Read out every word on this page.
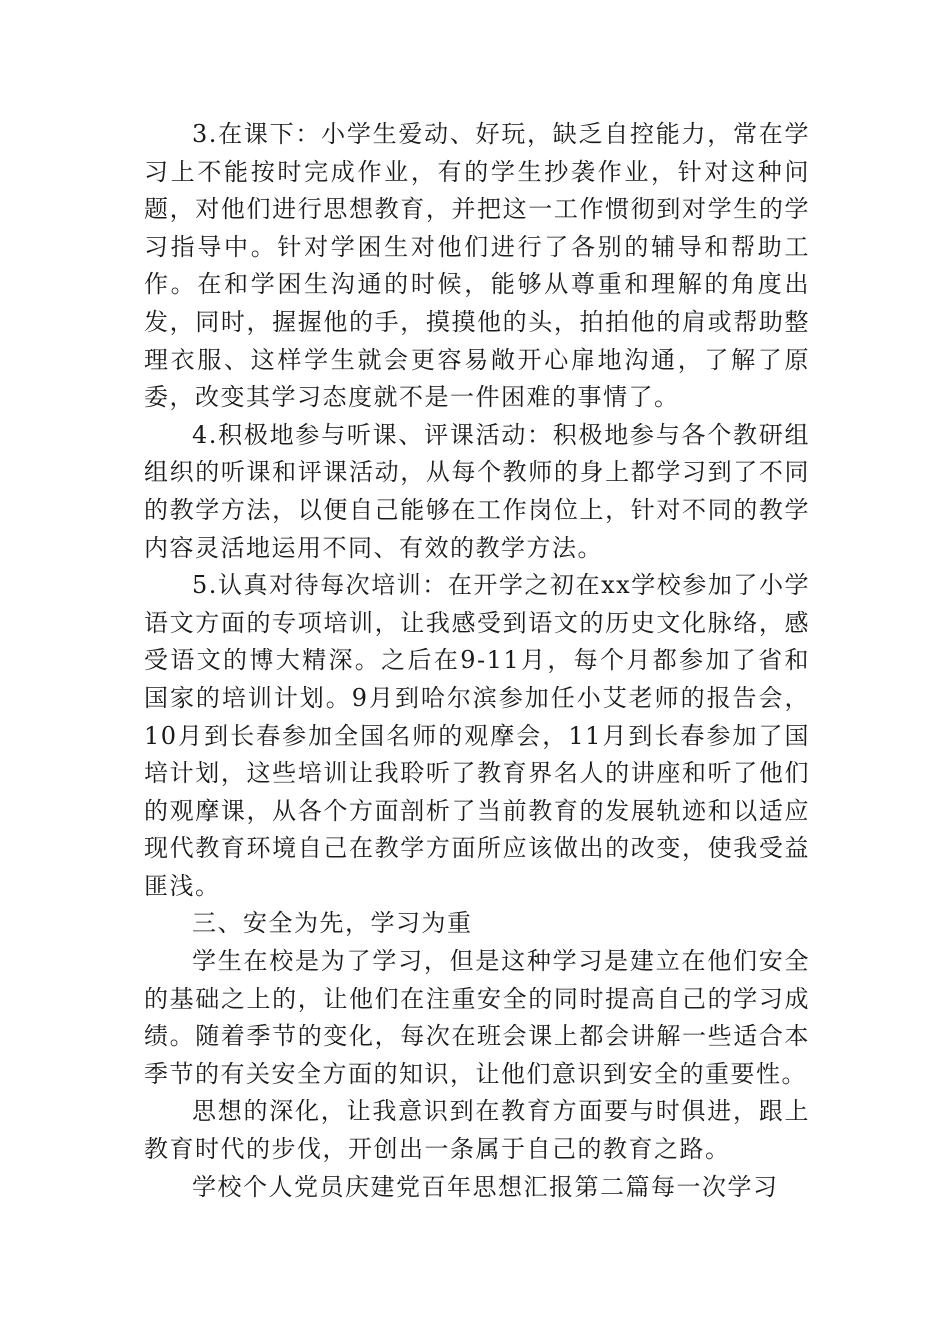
3.在课下：小学生爱动、好玩，缺乏自控能力，常在学习上不能按时完成作业，有的学生抄袭作业，针对这种问题，对他们进行思想教育，并把这一工作惯彻到对学生的学习指导中。针对学困生对他们进行了各别的辅导和帮助工作。在和学困生沟通的时候，能够从尊重和理解的角度出发，同时，握握他的手，摸摸他的头，拍拍他的肩或帮助整理衣服、这样学生就会更容易敞开心扉地沟通，了解了原委，改变其学习态度就不是一件困难的事情了。

4.积极地参与听课、评课活动：积极地参与各个教研组组织的听课和评课活动，从每个教师的身上都学习到了不同的教学方法，以便自己能够在工作岗位上，针对不同的教学内容灵活地运用不同、有效的教学方法。

5.认真对待每次培训：在开学之初在xx学校参加了小学语文方面的专项培训，让我感受到语文的历史文化脉络，感受语文的博大精深。之后在9-11月，每个月都参加了省和国家的培训计划。9月到哈尔滨参加任小艾老师的报告会，10月到长春参加全国名师的观摩会，11月到长春参加了国培计划，这些培训让我聆听了教育界名人的讲座和听了他们的观摩课，从各个方面剖析了当前教育的发展轨迹和以适应现代教育环境自己在教学方面所应该做出的改变，使我受益匪浅。

三、安全为先，学习为重

学生在校是为了学习，但是这种学习是建立在他们安全的基础之上的，让他们在注重安全的同时提高自己的学习成绩。随着季节的变化，每次在班会课上都会讲解一些适合本季节的有关安全方面的知识，让他们意识到安全的重要性。

思想的深化，让我意识到在教育方面要与时俱进，跟上教育时代的步伐，开创出一条属于自己的教育之路。

学校个人党员庆建党百年思想汇报第二篇每一次学习
